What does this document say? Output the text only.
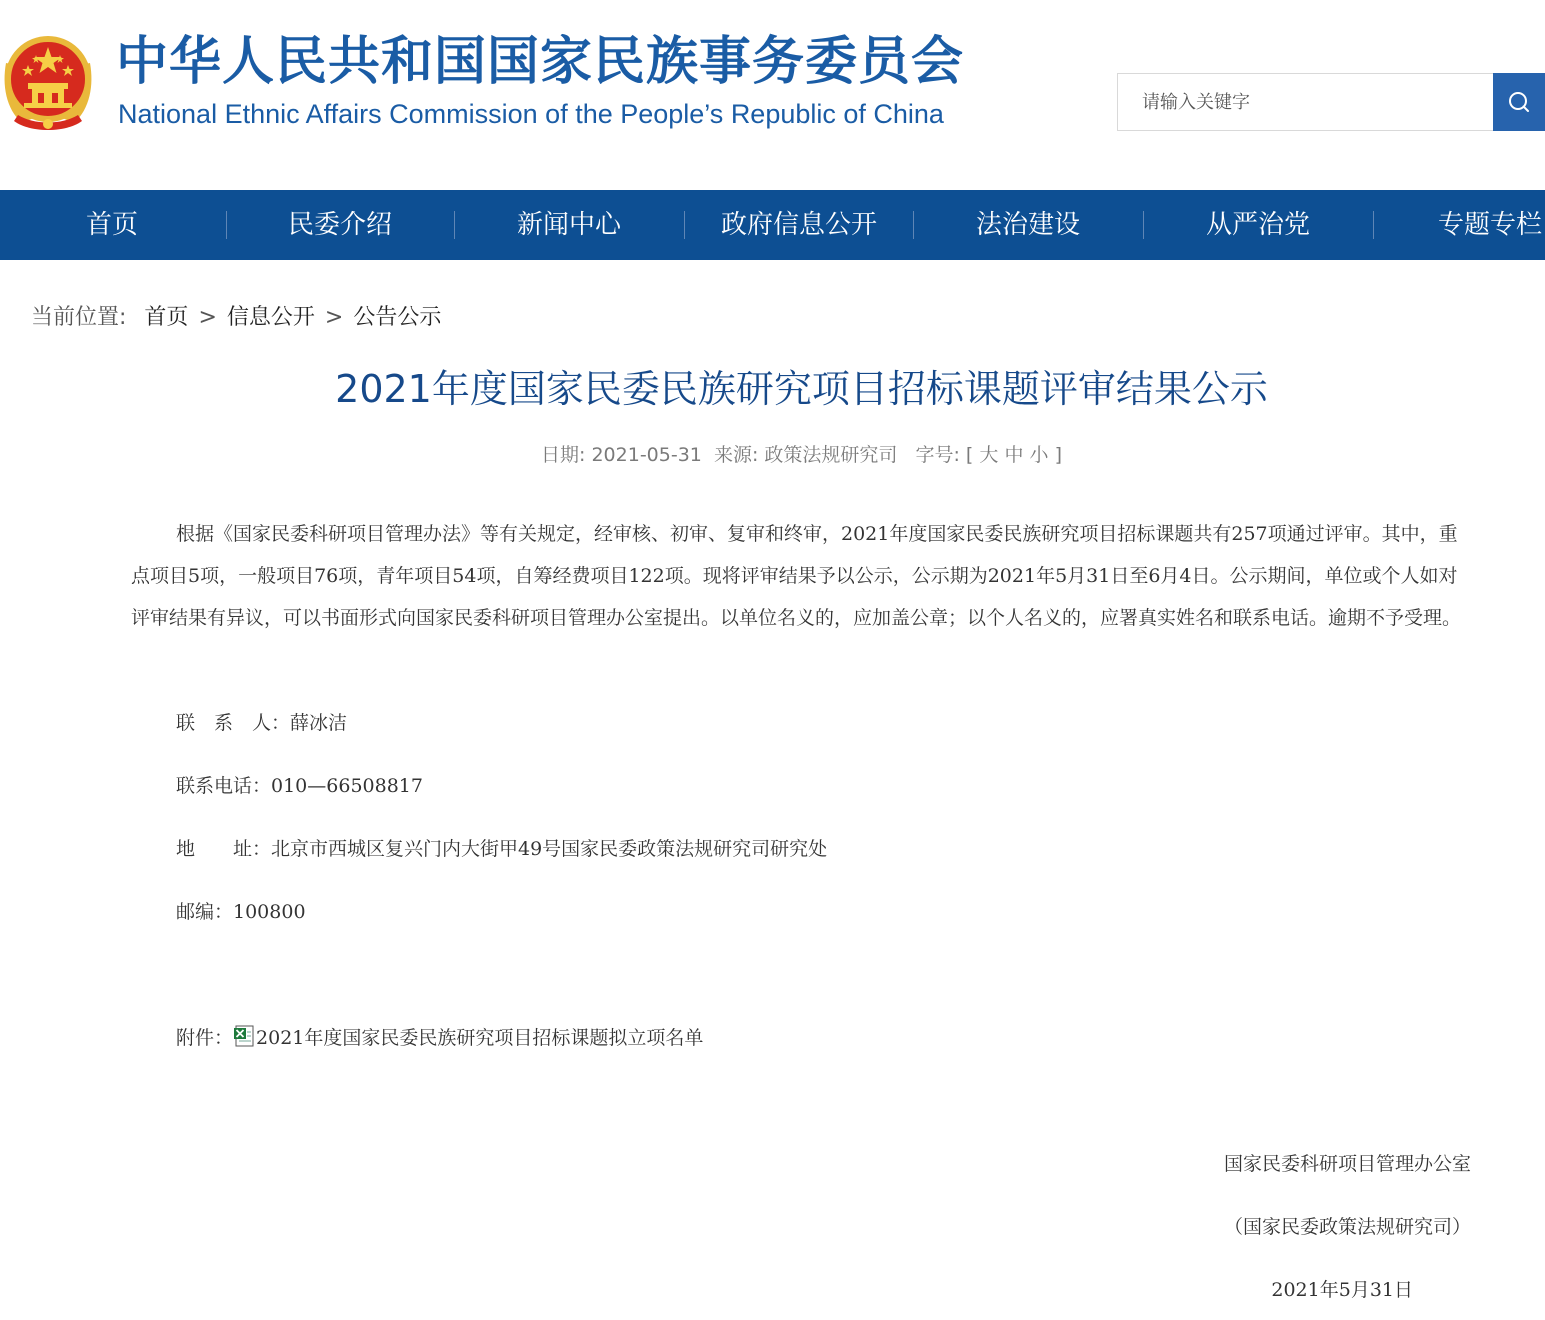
中华人民共和国国家民族事务委员会
National Ethnic Affairs Commission of the People’s Republic of China
请输入关键字
首页	民委介绍	新闻中心	政府信息公开	法治建设	从严治党	专题专栏
当前位置: 首页 > 信息公开 > 公告公示
2021年度国家民委民族研究项目招标课题评审结果公示
日期: 2021-05-31 来源: 政策法规研究司 字号: [ 大 中 小 ]

根据《国家民委科研项目管理办法》等有关规定，经审核、初审、复审和终审，2021年度国家民委民族研究项目招标课题共有257项通过评审。其中，重点项目5项，一般项目76项，青年项目54项，自筹经费项目122项。现将评审结果予以公示，公示期为2021年5月31日至6月4日。公示期间，单位或个人如对评审结果有异议，可以书面形式向国家民委科研项目管理办公室提出。以单位名义的，应加盖公章；以个人名义的，应署真实姓名和联系电话。逾期不予受理。

联　系　人：薛冰洁
联系电话：010—66508817
地　　址：北京市西城区复兴门内大街甲49号国家民委政策法规研究司研究处
邮编：100800
附件： 2021年度国家民委民族研究项目招标课题拟立项名单
国家民委科研项目管理办公室
（国家民委政策法规研究司）
2021年5月31日
